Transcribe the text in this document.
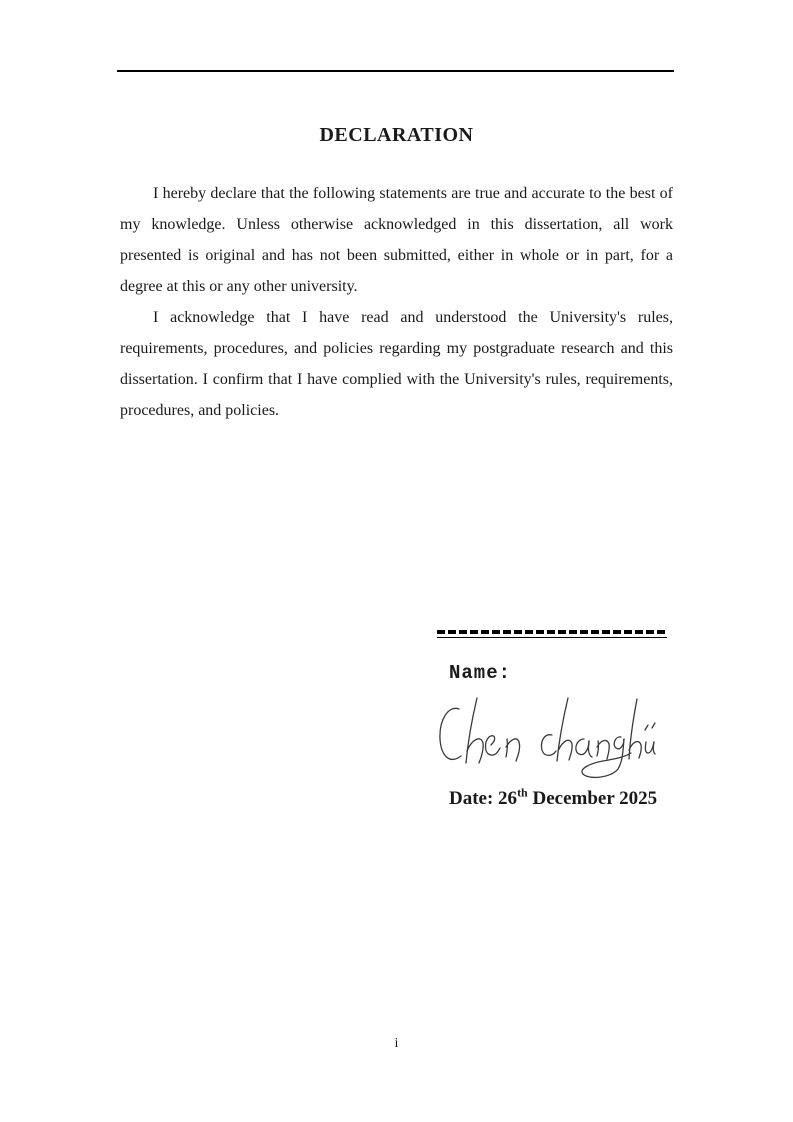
DECLARATION

I hereby declare that the following statements are true and accurate to the best of my knowledge. Unless otherwise acknowledged in this dissertation, all work presented is original and has not been submitted, either in whole or in part, for a degree at this or any other university.

I acknowledge that I have read and understood the University's rules, requirements, procedures, and policies regarding my postgraduate research and this dissertation. I confirm that I have complied with the University's rules, requirements, procedures, and policies.

Name:
Date: 26th December 2025
i
